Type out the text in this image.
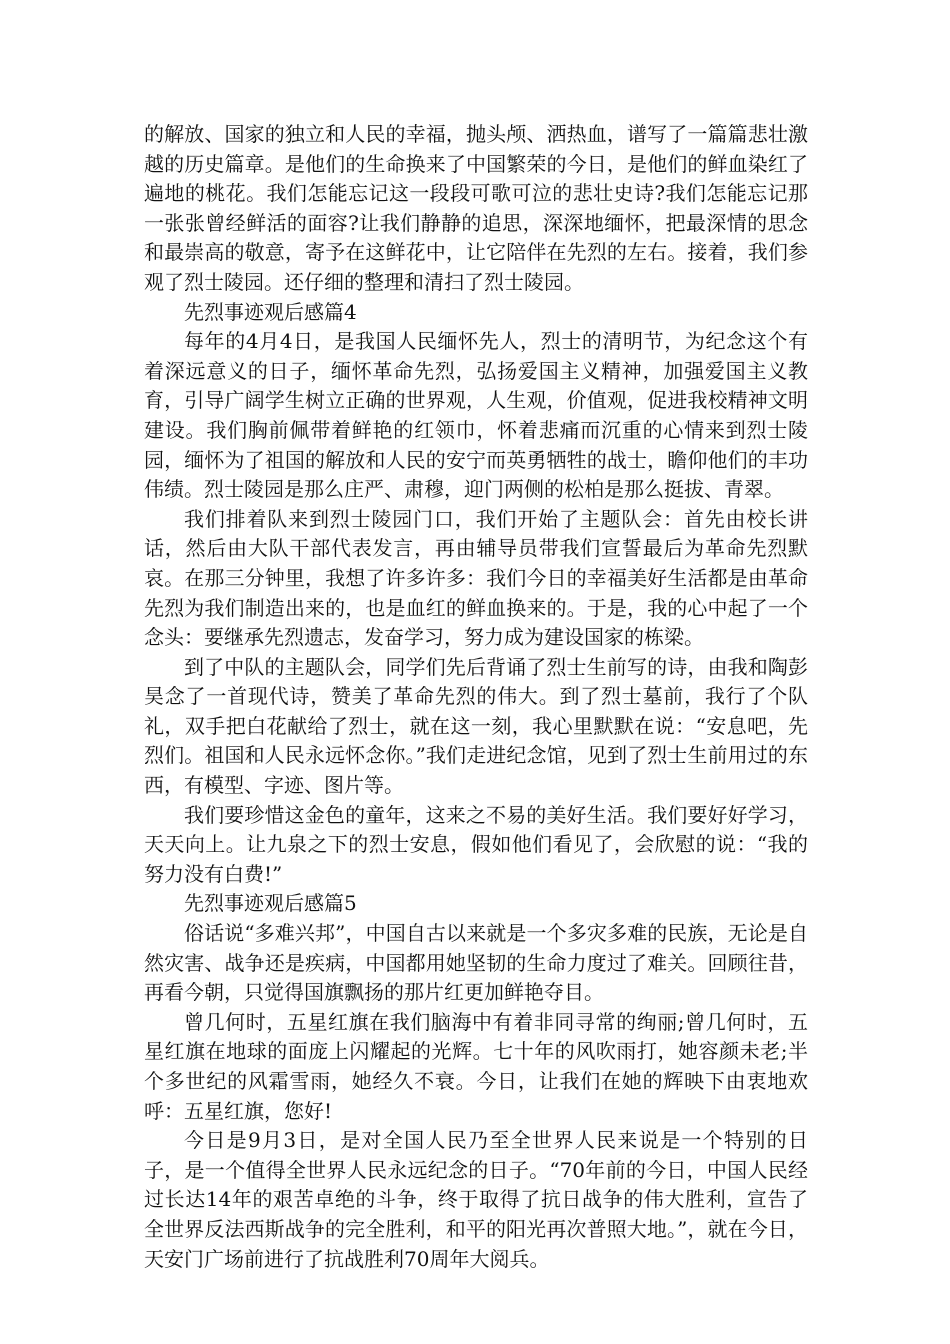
的解放、国家的独立和人民的幸福，抛头颅、洒热血，谱写了一篇篇悲壮激越的历史篇章。是他们的生命换来了中国繁荣的今日，是他们的鲜血染红了遍地的桃花。我们怎能忘记这一段段可歌可泣的悲壮史诗?我们怎能忘记那一张张曾经鲜活的面容?让我们静静的追思，深深地缅怀，把最深情的思念和最崇高的敬意，寄予在这鲜花中，让它陪伴在先烈的左右。接着，我们参观了烈士陵园。还仔细的整理和清扫了烈士陵园。

先烈事迹观后感篇4

每年的4月4日，是我国人民缅怀先人，烈士的清明节，为纪念这个有着深远意义的日子，缅怀革命先烈，弘扬爱国主义精神，加强爱国主义教育，引导广阔学生树立正确的世界观，人生观，价值观，促进我校精神文明建设。我们胸前佩带着鲜艳的红领巾，怀着悲痛而沉重的心情来到烈士陵园，缅怀为了祖国的解放和人民的安宁而英勇牺牲的战士，瞻仰他们的丰功伟绩。烈士陵园是那么庄严、肃穆，迎门两侧的松柏是那么挺拔、青翠。

我们排着队来到烈士陵园门口，我们开始了主题队会：首先由校长讲话，然后由大队干部代表发言，再由辅导员带我们宣誓最后为革命先烈默哀。在那三分钟里，我想了许多许多：我们今日的幸福美好生活都是由革命先烈为我们制造出来的，也是血红的鲜血换来的。于是，我的心中起了一个念头：要继承先烈遗志，发奋学习，努力成为建设国家的栋梁。

到了中队的主题队会，同学们先后背诵了烈士生前写的诗，由我和陶彭昊念了一首现代诗，赞美了革命先烈的伟大。到了烈士墓前，我行了个队礼，双手把白花献给了烈士，就在这一刻，我心里默默在说：“安息吧，先烈们。祖国和人民永远怀念你。”我们走进纪念馆，见到了烈士生前用过的东西，有模型、字迹、图片等。

我们要珍惜这金色的童年，这来之不易的美好生活。我们要好好学习，天天向上。让九泉之下的烈士安息，假如他们看见了，会欣慰的说：“我的努力没有白费!”

先烈事迹观后感篇5

俗话说“多难兴邦”，中国自古以来就是一个多灾多难的民族，无论是自然灾害、战争还是疾病，中国都用她坚韧的生命力度过了难关。回顾往昔，再看今朝，只觉得国旗飘扬的那片红更加鲜艳夺目。

曾几何时，五星红旗在我们脑海中有着非同寻常的绚丽;曾几何时，五星红旗在地球的面庞上闪耀起的光辉。七十年的风吹雨打，她容颜未老;半个多世纪的风霜雪雨，她经久不衰。今日，让我们在她的辉映下由衷地欢呼：五星红旗，您好!

今日是9月3日，是对全国人民乃至全世界人民来说是一个特别的日子，是一个值得全世界人民永远纪念的日子。“70年前的今日，中国人民经过长达14年的艰苦卓绝的斗争，终于取得了抗日战争的伟大胜利，宣告了全世界反法西斯战争的完全胜利，和平的阳光再次普照大地。”，就在今日，天安门广场前进行了抗战胜利70周年大阅兵。
